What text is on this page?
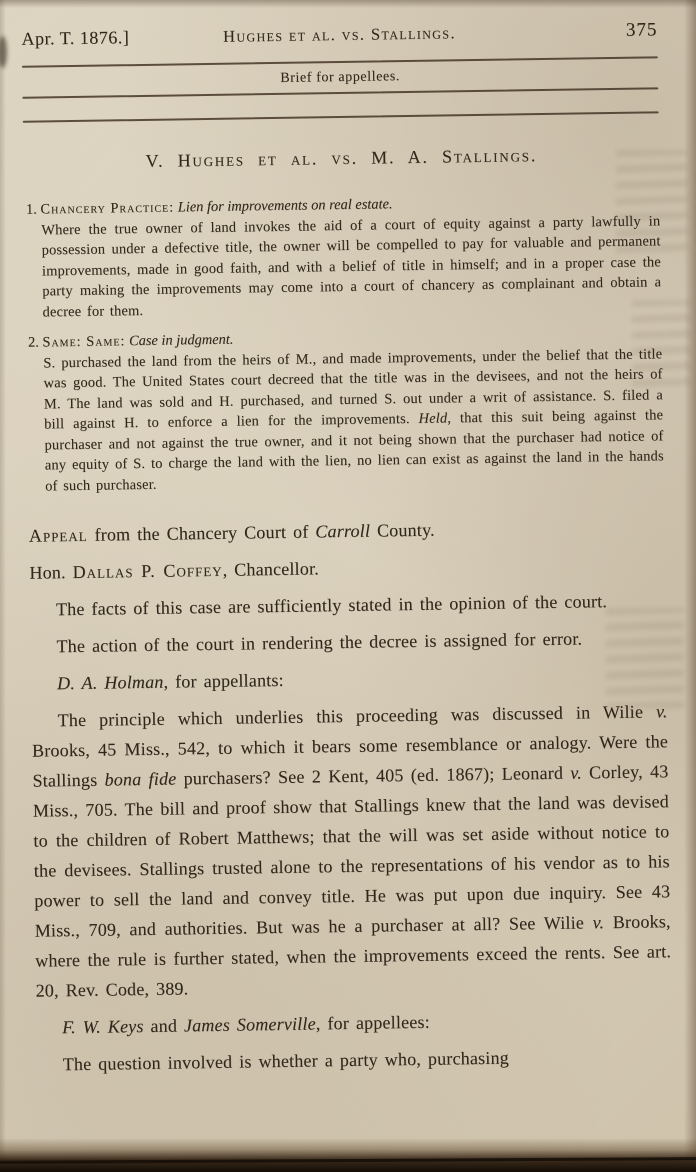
Apr. T. 1876.]	Hughes et al. vs. Stallings.	375
Brief for appellees.
V. Hughes et al. vs. M. A. Stallings.
1. Chancery Practice: Lien for improvements on real estate.
Where the true owner of land invokes the aid of a court of equity against a party lawfully in possession under a defective title, the owner will be compelled to pay for valuable and permanent improvements, made in good faith, and with a belief of title in himself; and in a proper case the party making the improvements may come into a court of chancery as complainant and obtain a decree for them.
2. Same: Same: Case in judgment.
S. purchased the land from the heirs of M., and made improvements, under the belief that the title was good. The United States court decreed that the title was in the devisees, and not the heirs of M. The land was sold and H. purchased, and turned S. out under a writ of assistance. S. filed a bill against H. to enforce a lien for the improvements. Held, that this suit being against the purchaser and not against the true owner, and it not being shown that the purchaser had notice of any equity of S. to charge the land with the lien, no lien can exist as against the land in the hands of such purchaser.

Appeal from the Chancery Court of Carroll County.

Hon. Dallas P. Coffey, Chancellor.

The facts of this case are sufficiently stated in the opinion of the court.

The action of the court in rendering the decree is assigned for error.

D. A. Holman, for appellants:

The principle which underlies this proceeding was discussed in Wilie v. Brooks, 45 Miss., 542, to which it bears some resemblance or analogy. Were the Stallings bona fide purchasers? See 2 Kent, 405 (ed. 1867); Leonard v. Corley, 43 Miss., 705. The bill and proof show that Stallings knew that the land was devised to the children of Robert Matthews; that the will was set aside without notice to the devisees. Stallings trusted alone to the representations of his vendor as to his power to sell the land and convey title. He was put upon due inquiry. See 43 Miss., 709, and authorities. But was he a purchaser at all? See Wilie v. Brooks, where the rule is further stated, when the improvements exceed the rents. See art. 20, Rev. Code, 389.

F. W. Keys and James Somerville, for appellees:

The question involved is whether a party who, purchasing
